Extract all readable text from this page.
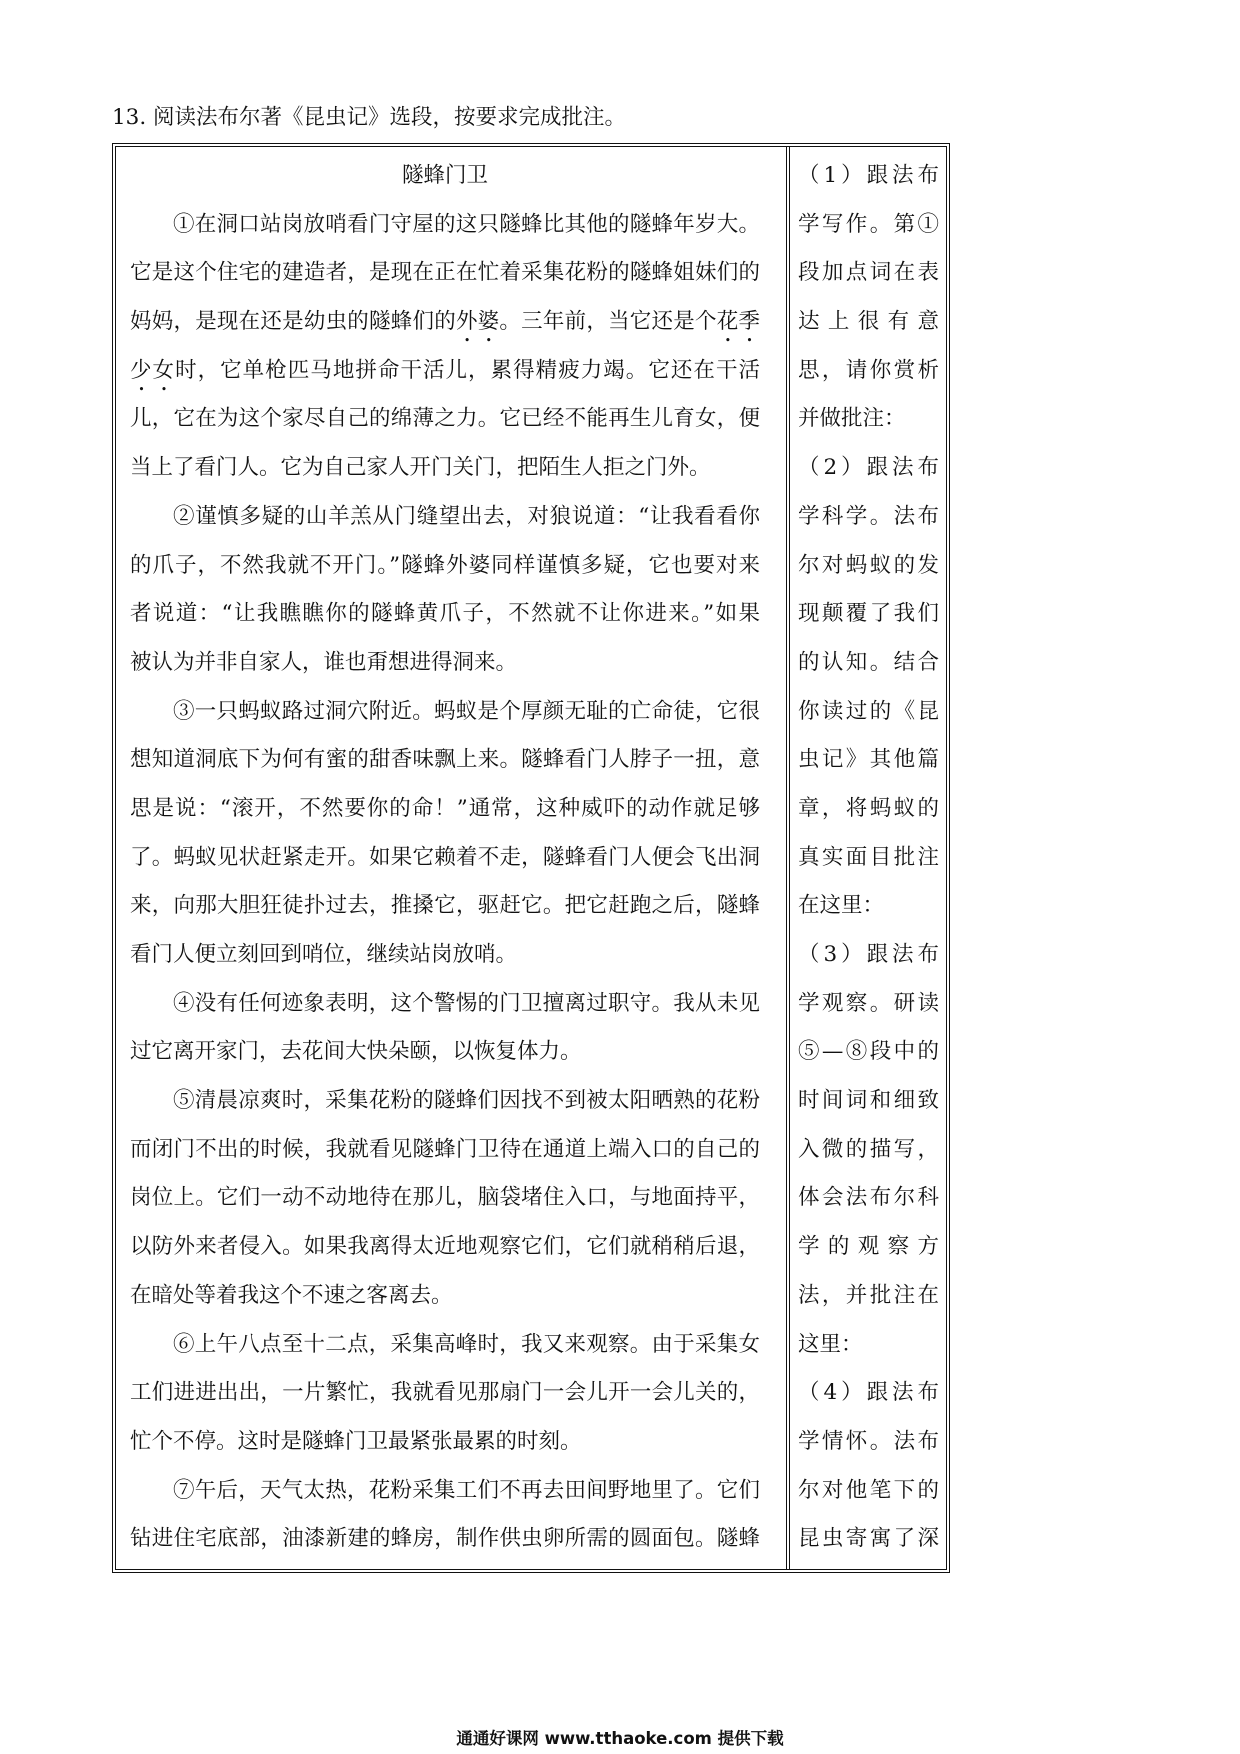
13. 阅读法布尔著《昆虫记》选段，按要求完成批注。
隧蜂门卫
①在洞口站岗放哨看门守屋的这只隧蜂比其他的隧蜂年岁大。
它是这个住宅的建造者，是现在正在忙着采集花粉的隧蜂姐妹们的
妈妈，是现在还是幼虫的隧蜂们的外婆。三年前，当它还是个花季
少女时，它单枪匹马地拼命干活儿，累得精疲力竭。它还在干活
儿，它在为这个家尽自己的绵薄之力。它已经不能再生儿育女，便
当上了看门人。它为自己家人开门关门，把陌生人拒之门外。
②谨慎多疑的山羊羔从门缝望出去，对狼说道：“让我看看你
的爪子，不然我就不开门。”隧蜂外婆同样谨慎多疑，它也要对来
者说道：“让我瞧瞧你的隧蜂黄爪子，不然就不让你进来。”如果
被认为并非自家人，谁也甭想进得洞来。
③一只蚂蚁路过洞穴附近。蚂蚁是个厚颜无耻的亡命徒，它很
想知道洞底下为何有蜜的甜香味飘上来。隧蜂看门人脖子一扭，意
思是说：“滚开，不然要你的命！”通常，这种威吓的动作就足够
了。蚂蚁见状赶紧走开。如果它赖着不走，隧蜂看门人便会飞出洞
来，向那大胆狂徒扑过去，推搡它，驱赶它。把它赶跑之后，隧蜂
看门人便立刻回到哨位，继续站岗放哨。
④没有任何迹象表明，这个警惕的门卫擅离过职守。我从未见
过它离开家门，去花间大快朵颐，以恢复体力。
⑤清晨凉爽时，采集花粉的隧蜂们因找不到被太阳晒熟的花粉
而闭门不出的时候，我就看见隧蜂门卫待在通道上端入口的自己的
岗位上。它们一动不动地待在那儿，脑袋堵住入口，与地面持平，
以防外来者侵入。如果我离得太近地观察它们，它们就稍稍后退，
在暗处等着我这个不速之客离去。
⑥上午八点至十二点，采集高峰时，我又来观察。由于采集女
工们进进出出，一片繁忙，我就看见那扇门一会儿开一会儿关的，
忙个不停。这时是隧蜂门卫最紧张最累的时刻。
⑦午后，天气太热，花粉采集工们不再去田间野地里了。它们
钻进住宅底部，油漆新建的蜂房，制作供虫卵所需的圆面包。隧蜂
（1）跟法布
学写作。第①
段加点词在表
达上很有意
思，请你赏析
并做批注：
（2）跟法布
学科学。法布
尔对蚂蚁的发
现颠覆了我们
的认知。结合
你读过的《昆
虫记》其他篇
章，将蚂蚁的
真实面目批注
在这里：
（3）跟法布
学观察。研读
⑤—⑧段中的
时间词和细致
入微的描写，
体会法布尔科
学的观察方
法，并批注在
这里：
（4）跟法布
学情怀。法布
尔对他笔下的
昆虫寄寓了深
通通好课网 www.tthaoke.com 提供下载
